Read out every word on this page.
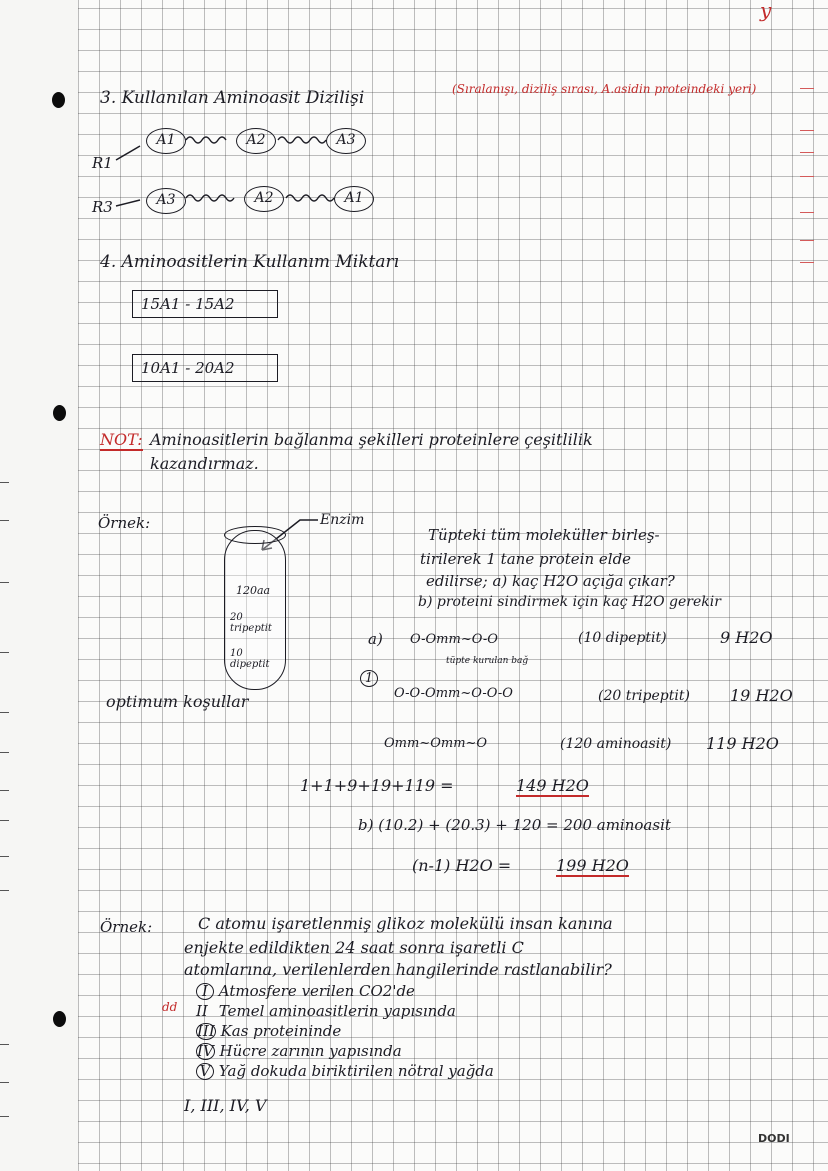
y
3. Kullanılan Aminoasit Dizilişi	(Sıralanışı, diziliş sırası, A.asidin proteindeki yeri)
R1
A1	A2	A3
R3	A3	A2	A1
4. Aminoasitlerin Kullanım Miktarı
15A1 - 15A2
10A1 - 20A2
NOT: Aminoasitlerin bağlanma şekilleri proteinlere çeşitlilik
kazandırmaz.
Örnek:	Enzim
120aa
20 tripeptit
10 dipeptit
optimum koşullar
Tüpteki tüm moleküller birleş-
tirilerek 1 tane protein elde
edilirse; a) kaç H2O açığa çıkar?
b) proteini sindirmek için kaç H2O gerekir
a) O-Omm~O-O	(10 dipeptit)	9 H2O
tüpte kurulan bağ
1
O-O-Omm~O-O-O	(20 tripeptit)	19 H2O
Omm~Omm~O	(120 aminoasit) 119 H2O
1+1+9+19+119 =	149 H2O
b) (10.2) + (20.3) + 120 = 200 aminoasit
(n-1) H2O =	199 H2O
Örnek:	C atomu işaretlenmiş glikoz molekülü insan kanına
enjekte edildikten 24 saat sonra işaretli C
atomlarına, verilenlerden hangilerinde rastlanabilir?
dd
I Atmosfere verilen CO2'de
II Temel aminoasitlerin yapısında
III Kas proteininde
IV Hücre zarının yapısında
V Yağ dokuda biriktirilen nötral yağda
I, III, IV, V
DODI
